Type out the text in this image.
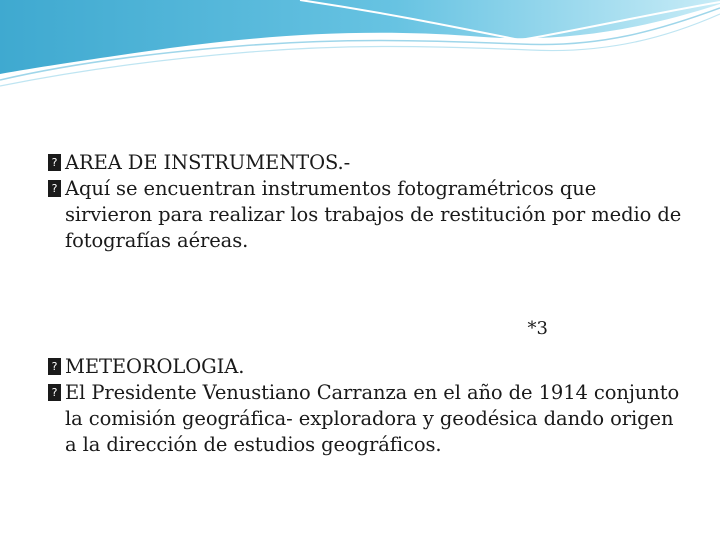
? AREA DE INSTRUMENTOS.-
? Aquí se encuentran instrumentos fotogramétricos que sirvieron para realizar los trabajos de restitución por medio de fotografías aéreas.
*3
? METEOROLOGIA.
? El Presidente Venustiano Carranza en el año de 1914 conjunto la comisión geográfica- exploradora y geodésica dando origen a la dirección de estudios geográficos.
